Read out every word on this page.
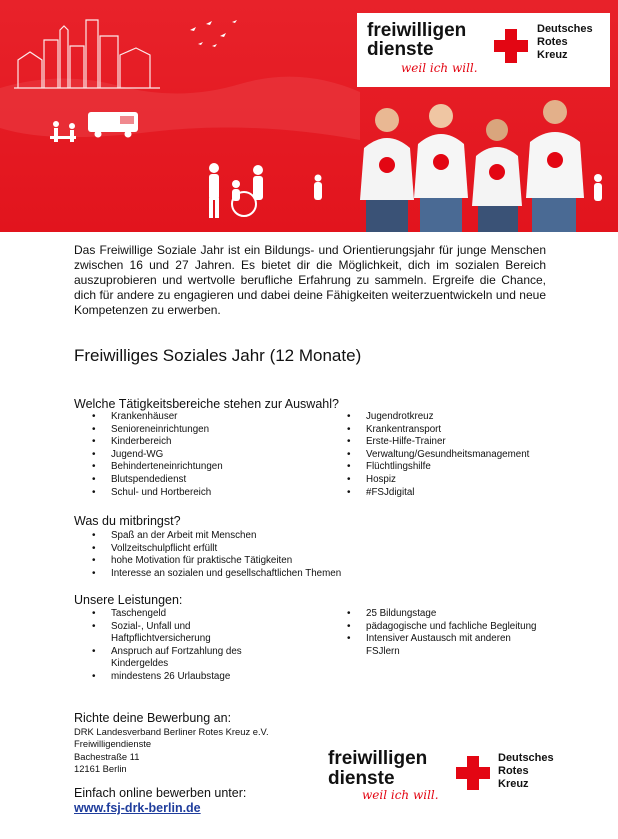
freiwilligen
dienste
weil ich will.
Deutsches
Rotes
Kreuz

Das Freiwillige Soziale Jahr ist ein Bildungs- und Orientierungsjahr für junge Menschen zwischen 16 und 27 Jahren. Es bietet dir die Möglichkeit, dich im sozialen Bereich auszuprobieren und wertvolle berufliche Erfahrung zu sammeln. Ergreife die Chance, dich für andere zu engagieren und dabei deine Fähigkeiten weiterzuentwickeln und neue Kompetenzen zu erwerben.

Freiwilliges Soziales Jahr (12 Monate)
Welche Tätigkeitsbereiche stehen zur Auswahl?
• Krankenhäuser
• Senioreneinrichtungen
• Kinderbereich
• Jugend-WG
• Behinderteneinrichtungen
• Blutspendedienst
• Schul- und Hortbereich
• Jugendrotkreuz
• Krankentransport
• Erste-Hilfe-Trainer
• Verwaltung/Gesundheitsmanagement
• Flüchtlingshilfe
• Hospiz
• #FSJdigital
Was du mitbringst?
• Spaß an der Arbeit mit Menschen
• Vollzeitschulpflicht erfüllt
• hohe Motivation für praktische Tätigkeiten
• Interesse an sozialen und gesellschaftlichen Themen
Unsere Leistungen:
• Taschengeld
• Sozial-, Unfall und Haftpflichtversicherung
• Anspruch auf Fortzahlung des Kindergeldes
• mindestens 26 Urlaubstage
• 25 Bildungstage
• pädagogische und fachliche Begleitung
• Intensiver Austausch mit anderen FSJlern
Richte deine Bewerbung an:
DRK Landesverband Berliner Rotes Kreuz e.V.
Freiwilligendienste
Bachestraße 11
12161 Berlin
Einfach online bewerben unter:
www.fsj-drk-berlin.de
freiwilligen
dienste
weil ich will.
Deutsches
Rotes
Kreuz
